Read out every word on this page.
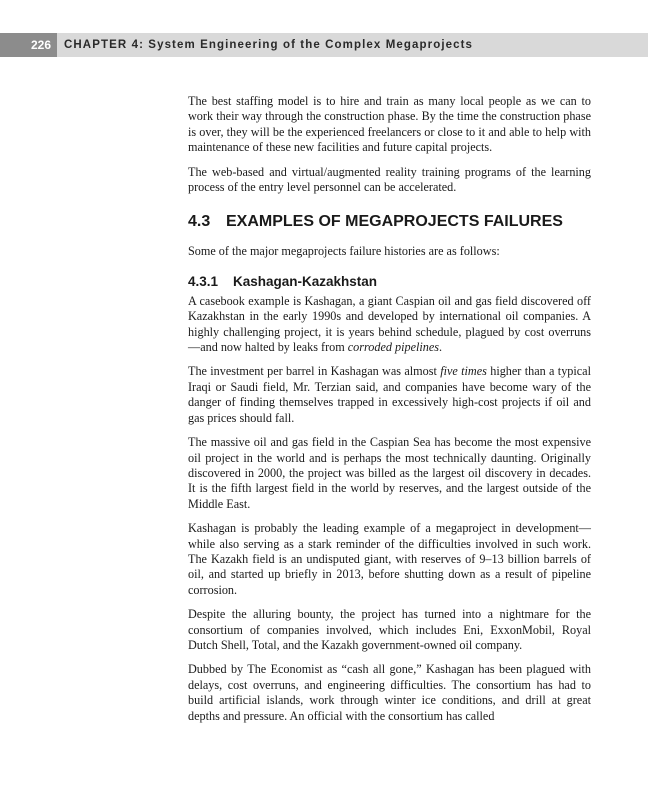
226	CHAPTER 4: System Engineering of the Complex Megaprojects

The best staffing model is to hire and train as many local people as we can to work their way through the construction phase. By the time the construction phase is over, they will be the experienced freelancers or close to it and able to help with maintenance of these new facilities and future capital projects.

The web-based and virtual/augmented reality training programs of the learning process of the entry level personnel can be accelerated.

4.3 EXAMPLES OF MEGAPROJECTS FAILURES

Some of the major megaprojects failure histories are as follows:

4.3.1 Kashagan-Kazakhstan

A casebook example is Kashagan, a giant Caspian oil and gas field discovered off Kazakhstan in the early 1990s and developed by international oil companies. A highly challenging project, it is years behind schedule, plagued by cost overruns—and now halted by leaks from corroded pipelines.

The investment per barrel in Kashagan was almost five times higher than a typical Iraqi or Saudi field, Mr. Terzian said, and companies have become wary of the danger of finding themselves trapped in excessively high-cost projects if oil and gas prices should fall.

The massive oil and gas field in the Caspian Sea has become the most expensive oil project in the world and is perhaps the most technically daunting. Originally discovered in 2000, the project was billed as the largest oil discovery in decades. It is the fifth largest field in the world by reserves, and the largest outside of the Middle East.

Kashagan is probably the leading example of a megaproject in development— while also serving as a stark reminder of the difficulties involved in such work. The Kazakh field is an undisputed giant, with reserves of 9–13 billion barrels of oil, and started up briefly in 2013, before shutting down as a result of pipeline corrosion.

Despite the alluring bounty, the project has turned into a nightmare for the consortium of companies involved, which includes Eni, ExxonMobil, Royal Dutch Shell, Total, and the Kazakh government-owned oil company.

Dubbed by The Economist as “cash all gone,” Kashagan has been plagued with delays, cost overruns, and engineering difficulties. The consortium has had to build artificial islands, work through winter ice conditions, and drill at great depths and pressure. An official with the consortium has called
